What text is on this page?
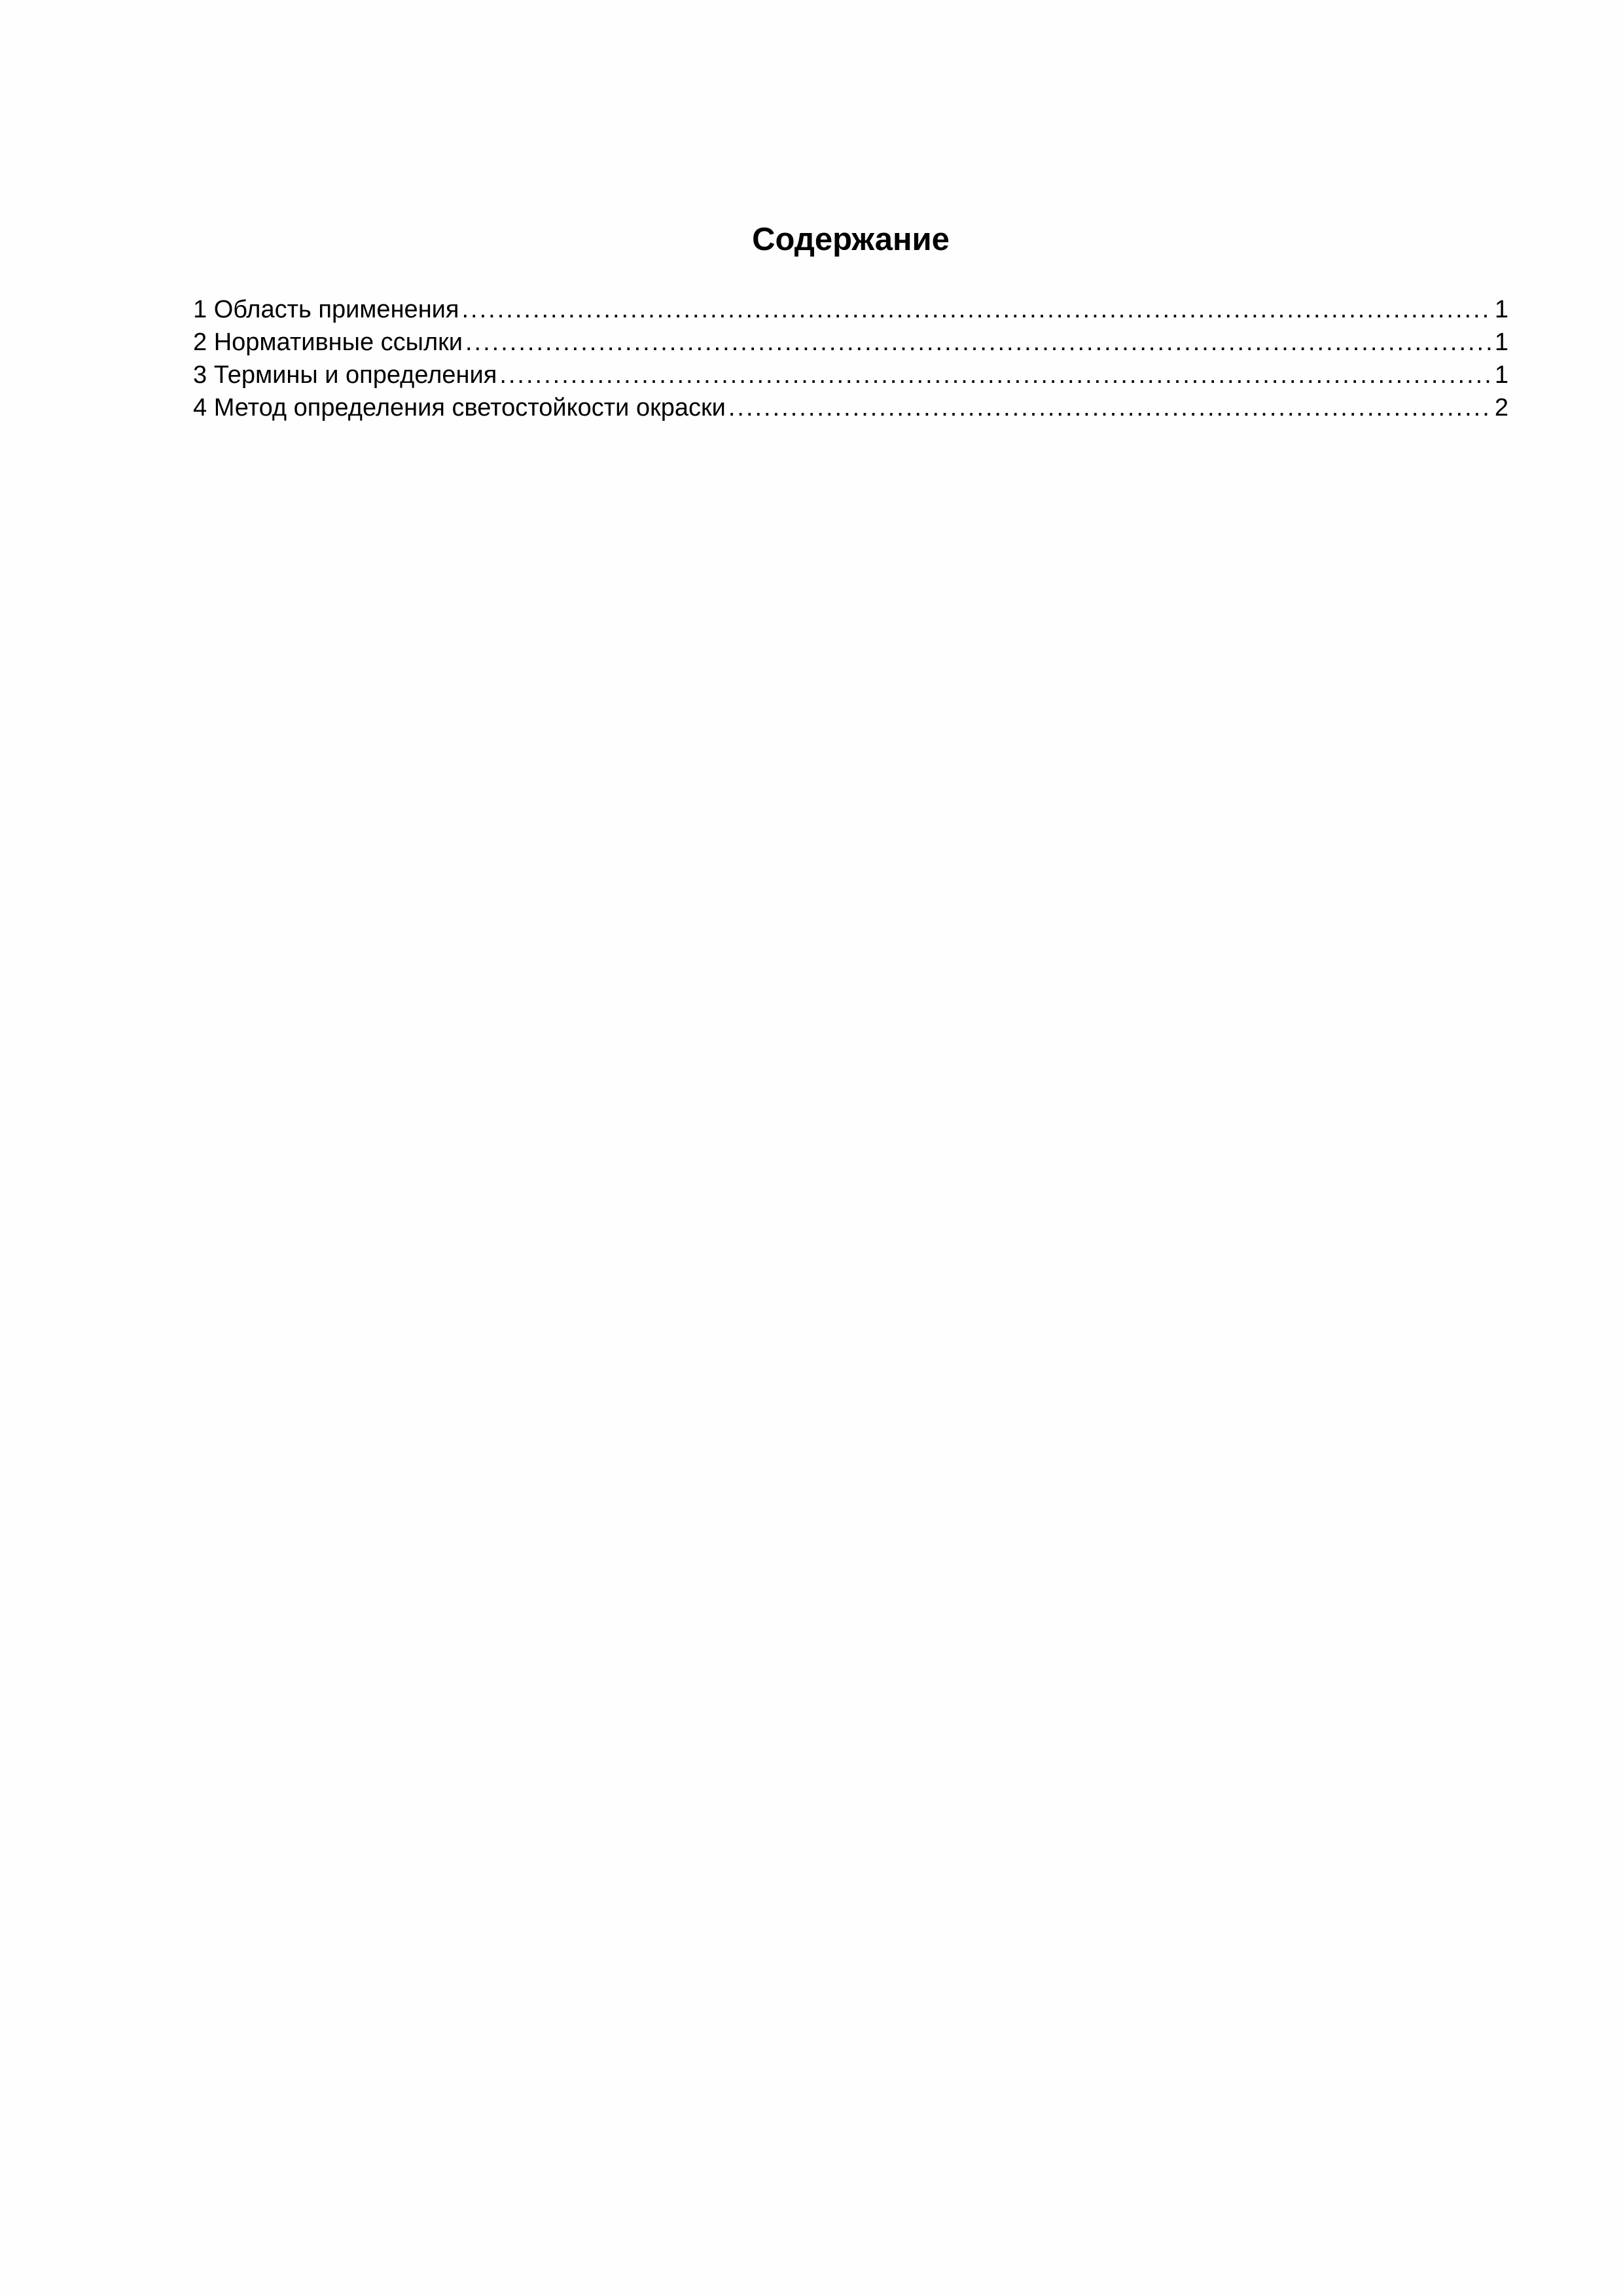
Содержание
1 Область применения .....	1
2 Нормативные ссылки .....	1
3 Термины и определения .....	1
4 Метод определения светостойкости окраски .....	2
